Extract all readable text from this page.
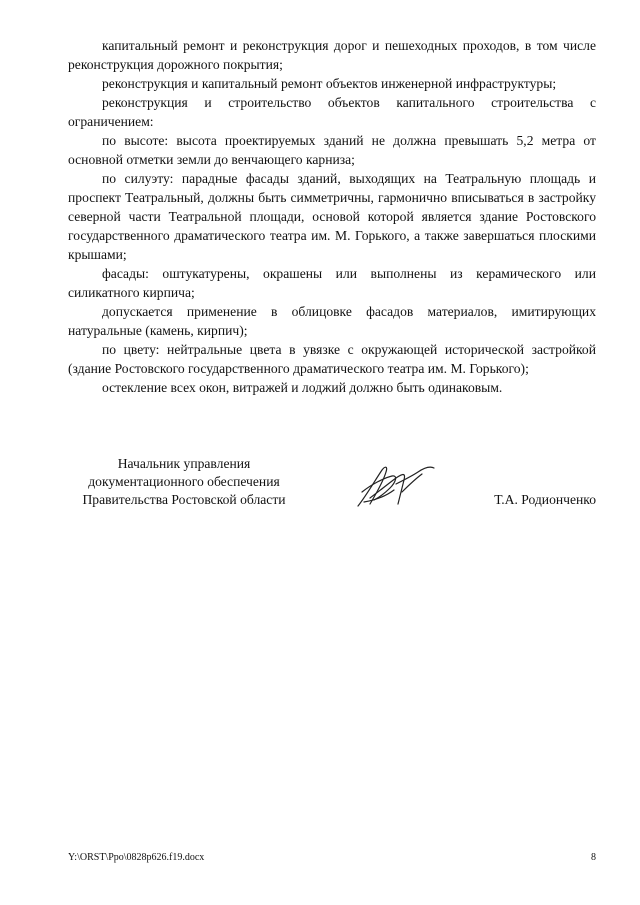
капитальный ремонт и реконструкция дорог и пешеходных проходов, в том числе реконструкция дорожного покрытия;

реконструкция и капитальный ремонт объектов инженерной инфраструктуры;

реконструкция и строительство объектов капитального строительства с ограничением:

по высоте: высота проектируемых зданий не должна превышать 5,2 метра от основной отметки земли до венчающего карниза;

по силуэту: парадные фасады зданий, выходящих на Театральную площадь и проспект Театральный, должны быть симметричны, гармонично вписываться в застройку северной части Театральной площади, основой которой является здание Ростовского государственного драматического театра им. М. Горького, а также завершаться плоскими крышами;

фасады: оштукатурены, окрашены или выполнены из керамического или силикатного кирпича;

допускается применение в облицовке фасадов материалов, имитирующих натуральные (камень, кирпич);

по цвету: нейтральные цвета в увязке с окружающей исторической застройкой (здание Ростовского государственного драматического театра им. М. Горького);

остекление всех окон, витражей и лоджий должно быть одинаковым.

Начальник управления
документационного обеспечения
Правительства Ростовской области	Т.А. Родионченко
Y:\ORST\Ppo\0828p626.f19.docx	8
